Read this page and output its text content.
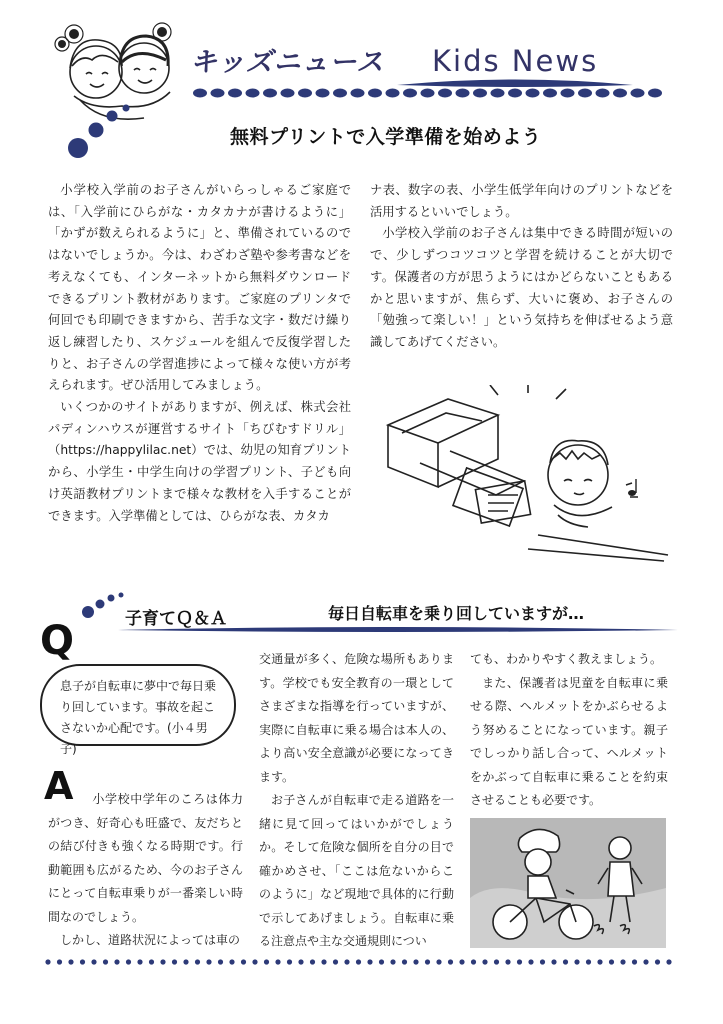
キッズニュース Kids News
無料プリントで入学準備を始めよう

小学校入学前のお子さんがいらっしゃるご家庭では、「入学前にひらがな・カタカナが書けるように」「かずが数えられるように」と、準備されているのではないでしょうか。今は、わざわざ塾や参考書などを考えなくても、インターネットから無料ダウンロードできるプリント教材があります。ご家庭のプリンタで何回でも印刷できますから、苦手な文字・数だけ繰り返し練習したり、スケジュールを組んで反復学習したりと、お子さんの学習進捗によって様々な使い方が考えられます。ぜひ活用してみましょう。

いくつかのサイトがありますが、例えば、株式会社パディンハウスが運営するサイト「ちびむすドリル」（https://happylilac.net）では、幼児の知育プリントから、小学生・中学生向けの学習プリント、子ども向け英語教材プリントまで様々な教材を入手することができます。入学準備としては、ひらがな表、カタカ

ナ表、数字の表、小学生低学年向けのプリントなどを活用するといいでしょう。

小学校入学前のお子さんは集中できる時間が短いので、少しずつコツコツと学習を続けることが大切です。保護者の方が思うようにはかどらないこともあるかと思いますが、焦らず、大いに褒め、お子さんの「勉強って楽しい！」という気持ちを伸ばせるよう意識してあげてください。

子育てＱ＆Ａ	毎日自転車を乗り回していますが…
Q
息子が自転車に夢中で毎日乗り回しています。事故を起こさないか心配です。(小４男子)
A	小学校中学年のころは体力がつき、好奇心も旺盛で、友だちとの結び付きも強くなる時期です。行動範囲も広がるため、今のお子さんにとって自転車乗りが一番楽しい時間なのでしょう。

しかし、道路状況によっては車の

交通量が多く、危険な場所もあります。学校でも安全教育の一環としてさまざまな指導を行っていますが、実際に自転車に乗る場合は本人の、より高い安全意識が必要になってきます。

お子さんが自転車で走る道路を一緒に見て回ってはいかがでしょうか。そして危険な個所を自分の目で確かめさせ、「ここは危ないからこのように」など現地で具体的に行動で示してあげましょう。自転車に乗る注意点や主な交通規則につい

ても、わかりやすく教えましょう。

また、保護者は児童を自転車に乗せる際、ヘルメットをかぶらせるよう努めることになっています。親子でしっかり話し合って、ヘルメットをかぶって自転車に乗ることを約束させることも必要です。
